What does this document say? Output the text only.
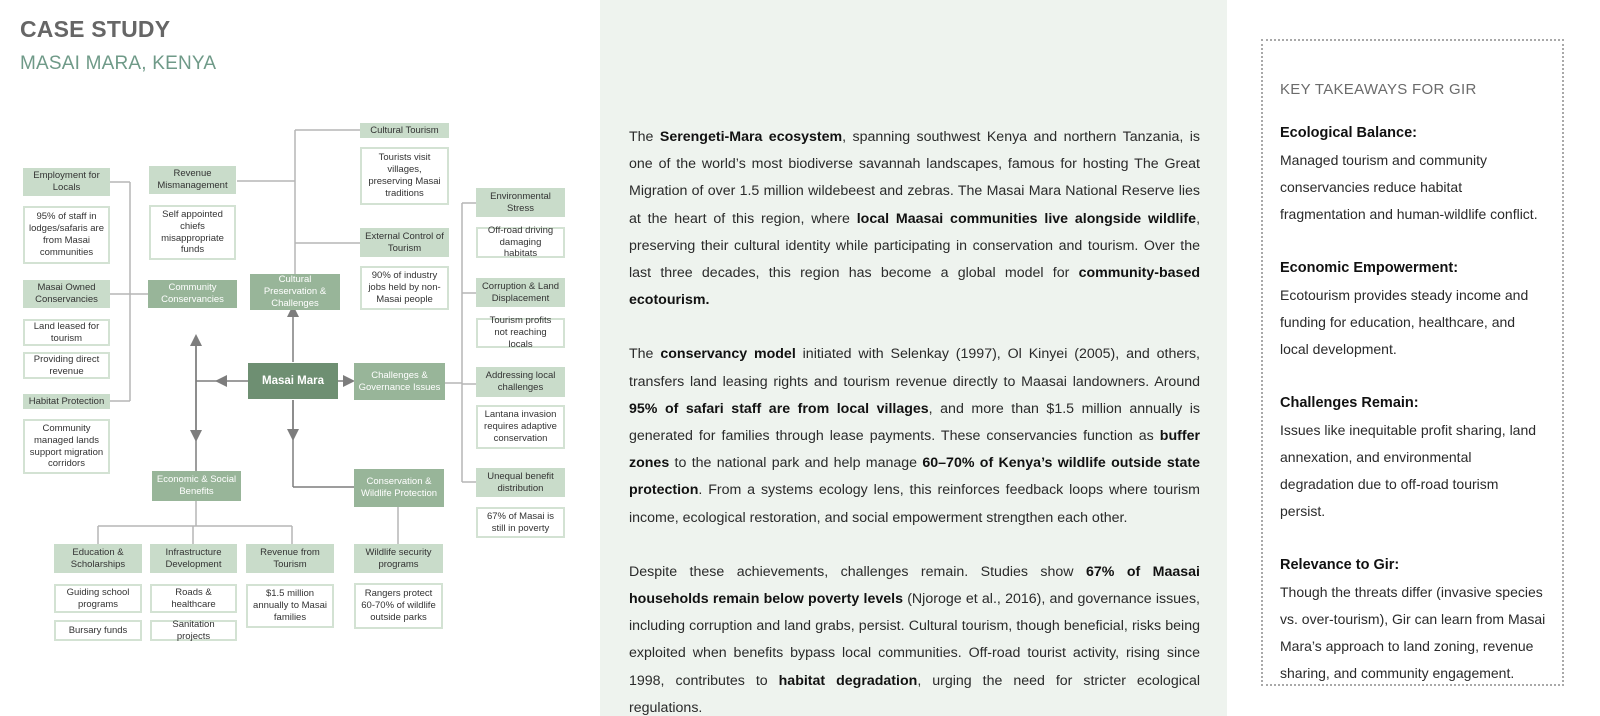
CASE STUDY
MASAI MARA, KENYA
Masai Mara
Community Conservancies
Employment for Locals
95% of staff in lodges/safaris are from Masai communities
Masai Owned Conservancies
Land leased for tourism
Providing direct revenue
Habitat Protection
Community managed lands support migration corridors
Cultural Preservation & Challenges
Revenue Mismanagement
Self appointed chiefs misappropriate funds
Cultural Tourism
Tourists visit villages, preserving Masai traditions
External Control of Tourism
90% of industry jobs held by non-Masai people
Challenges & Governance Issues
Environmental Stress
Off-road driving damaging habitats
Corruption & Land Displacement
Tourism profits not reaching locals
Addressing local challenges
Lantana invasion requires adaptive conservation
Unequal benefit distribution
67% of Masai is still in poverty
Economic & Social Benefits
Education & Scholarships
Guiding school programs
Bursary funds
Infrastructure Development
Roads & healthcare
Sanitation projects
Revenue from Tourism
$1.5 million annually to Masai families
Conservation & Wildlife Protection
Wildlife security programs
Rangers protect 60-70% of wildlife outside parks

The Serengeti-Mara ecosystem, spanning southwest Kenya and northern Tanzania, is one of the world’s most biodiverse savannah landscapes, famous for hosting The Great Migration of over 1.5 million wildebeest and zebras. The Masai Mara National Reserve lies at the heart of this region, where local Maasai communities live alongside wildlife, preserving their cultural identity while participating in conservation and tourism. Over the last three decades, this region has become a global model for community-based ecotourism.

The conservancy model initiated with Selenkay (1997), Ol Kinyei (2005), and others, transfers land leasing rights and tourism revenue directly to Maasai landowners. Around 95% of safari staff are from local villages, and more than $1.5 million annually is generated for families through lease payments. These conservancies function as buffer zones to the national park and help manage 60–70% of Kenya’s wildlife outside state protection. From a systems ecology lens, this reinforces feedback loops where tourism income, ecological restoration, and social empowerment strengthen each other.

Despite these achievements, challenges remain. Studies show 67% of Maasai households remain below poverty levels (Njoroge et al., 2016), and governance issues, including corruption and land grabs, persist. Cultural tourism, though beneficial, risks being exploited when benefits bypass local communities. Off-road tourist activity, rising since 1998, contributes to habitat degradation, urging the need for stricter ecological regulations.

KEY TAKEAWAYS FOR GIR
Ecological Balance:
Managed tourism and community conservancies reduce habitat fragmentation and human-wildlife conflict.
Economic Empowerment:
Ecotourism provides steady income and funding for education, healthcare, and local development.
Challenges Remain:
Issues like inequitable profit sharing, land annexation, and environmental degradation due to off-road tourism persist.
Relevance to Gir:
Though the threats differ (invasive species vs. over-tourism), Gir can learn from Masai Mara’s approach to land zoning, revenue sharing, and community engagement.
